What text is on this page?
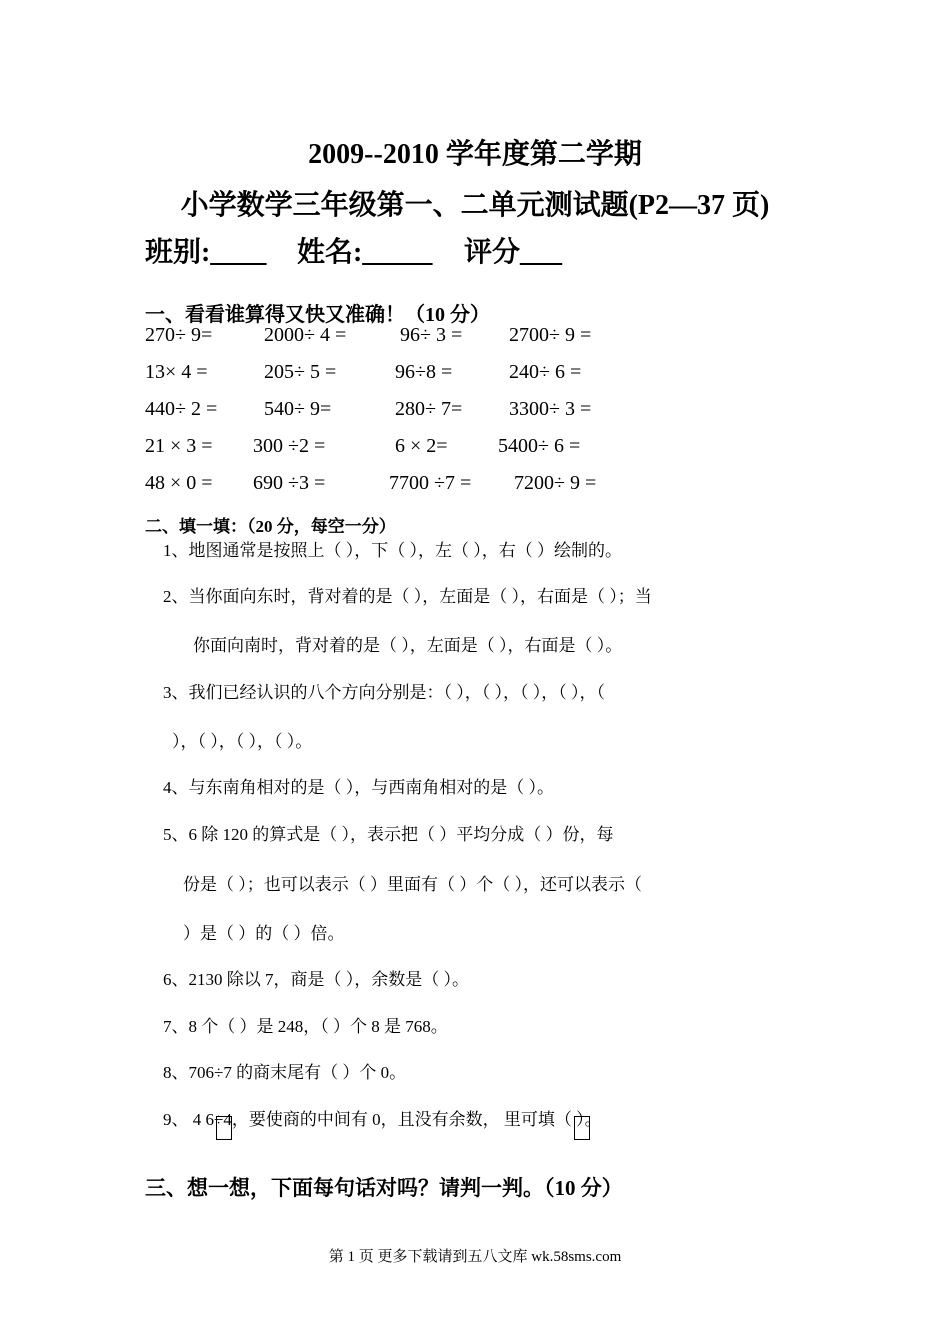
2009--2010 学年度第二学期
小学数学三年级第一、二单元测试题(P2—37 页)
班别:____ 姓名:_____ 评分___
一、看看谁算得又快又准确！（10 分）
270÷ 9=	2000÷ 4 =	96÷ 3 = 2700÷ 9 =
13× 4 =	205÷ 5 =	96÷8 =	240÷ 6 =
440÷ 2 = 540÷ 9=	280÷ 7= 3300÷ 3 =
21 × 3 = 300 ÷2 =	6 × 2=	5400÷ 6 =
48 × 0 = 690 ÷3 =	7700 ÷7 = 7200÷ 9 =
二、填一填：（20 分，每空一分）
1、地图通常是按照上（ ），下（ ），左（ ），右（ ）绘制的。
2、当你面向东时，背对着的是（ ），左面是（ ），右面是（ ）；当
你面向南时，背对着的是（ ），左面是（ ），右面是（ ）。
3、我们已经认识的八个方向分别是：（ ），（ ），（ ），（ ），（
），（ ），（ ），（ ）。
4、与东南角相对的是（ ），与西南角相对的是（ ）。
5、6 除 120 的算式是（ ），表示把（ ）平均分成（ ）份，每
份是（ ）；也可以表示（ ）里面有（ ）个（ ），还可以表示（
）是（ ）的（ ）倍。
6、2130 除以 7，商是（ ），余数是（ ）。
7、8 个（ ）是 248，（ ）个 8 是 768。
8、706÷7 的商末尾有（ ）个 0。
9、 4 6÷4，要使商的中间有 0，且没有余数， 里可填（ ）。
三、想一想，下面每句话对吗？请判一判。（10 分）
第 1 页 更多下载请到五八文库 wk.58sms.com
